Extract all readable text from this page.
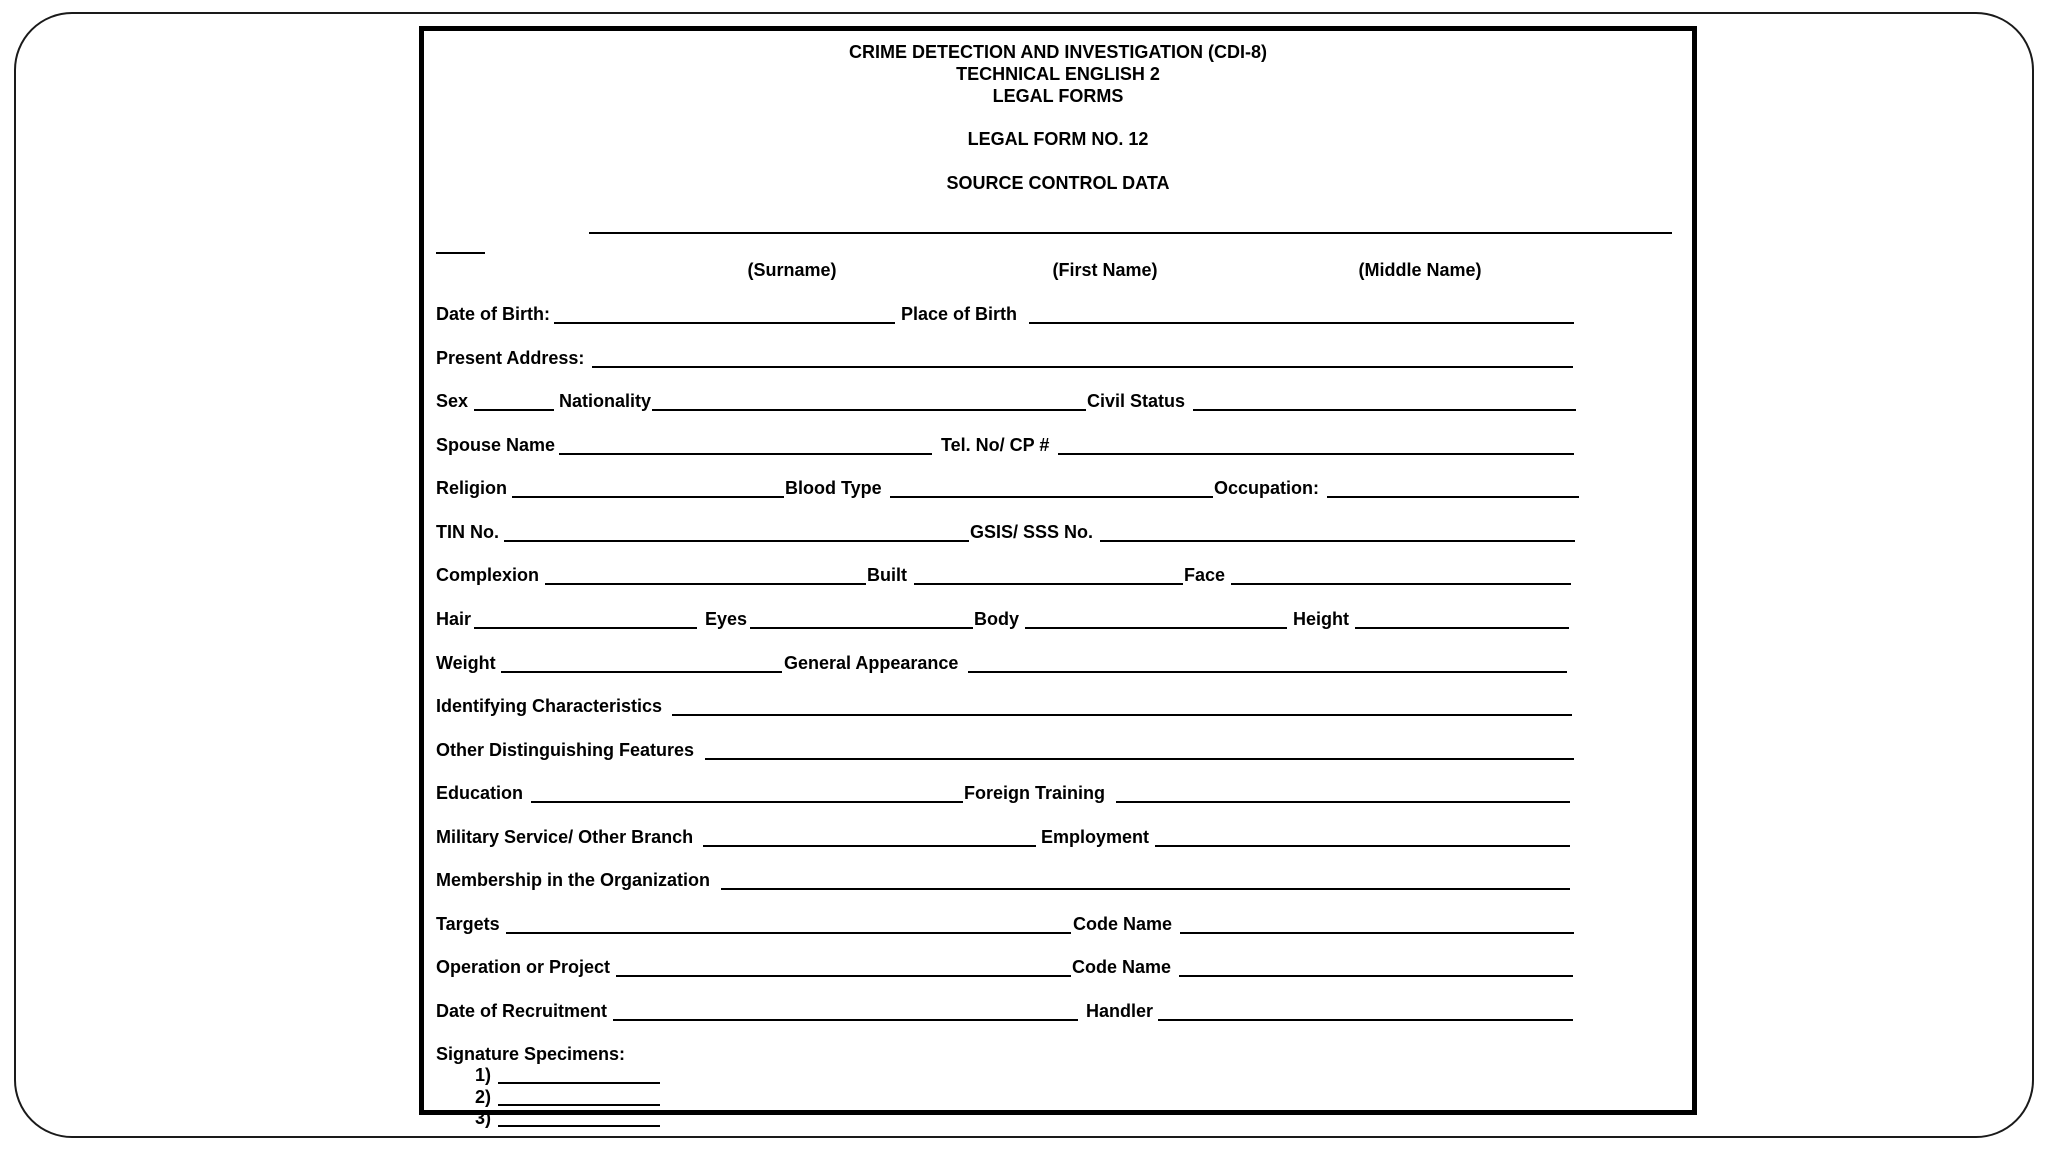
CRIME DETECTION AND INVESTIGATION (CDI-8)
TECHNICAL ENGLISH 2
LEGAL FORMS
LEGAL FORM NO. 12
SOURCE CONTROL DATA
(Surname)	(First Name)	(Middle Name)
Date of Birth:	Place of Birth
Present Address:
Sex	Nationality	Civil Status
Spouse Name	Tel. No/ CP #
Religion	Blood Type	Occupation:
TIN No.	GSIS/ SSS No.
Complexion	Built	Face
Hair	Eyes	Body	Height
Weight	General Appearance
Identifying Characteristics
Other Distinguishing Features
Education	Foreign Training
Military Service/ Other Branch	Employment
Membership in the Organization
Targets	Code Name
Operation or Project	Code Name
Date of Recruitment	Handler
Signature Specimens:
1)
2)
3)
